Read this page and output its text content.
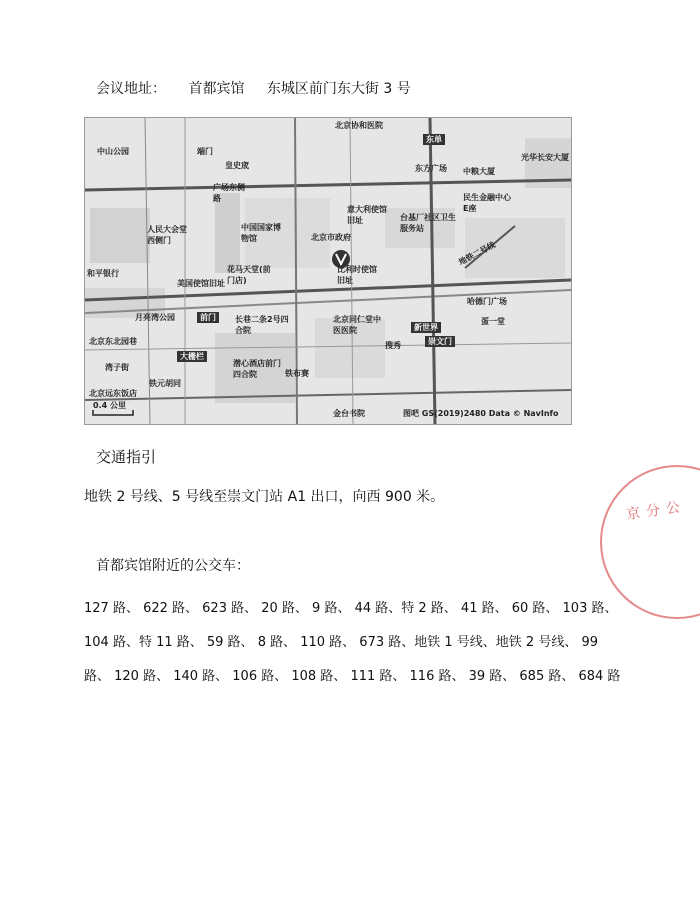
会议地址： 首都宾馆 东城区前门东大街 3 号
中山公园	端门
皇史宬
北京协和医院
东单
东方广场 中粮大厦
光华长安大厦
广场东侧路
中国国家博物馆
人民大会堂西侧门	北京市政府
意大利使馆旧址	台基厂社区卫生服务站
民生金融中心E座
美国使馆旧址
比利时使馆旧址
地铁二号线
和平银行	花马天堂(前门店)
前门	长巷二条2号四合院
北京同仁堂中医医院
哈德门广场
蛋一堂
月亮湾公园
大栅栏
潜心酒店前门四合院
新世界
崇文门
搜秀
北京东北园巷
北京远东饭店
铁元胡同
湾子街
铁布赛
金台书院
0.4 公里
图吧 GS(2019)2480 Data © NavInfo
交通指引
地铁 2 号线、5 号线至崇文门站 A1 出口，向西 900 米。
首都宾馆附近的公交车：
127 路、 622 路、 623 路、 20 路、 9 路、 44 路、特 2 路、 41 路、 60 路、 103 路、
104 路、特 11 路、 59 路、 8 路、 110 路、 673 路、地铁 1 号线、地铁 2 号线、 99
路、 120 路、 140 路、 106 路、 108 路、 111 路、 116 路、 39 路、 685 路、 684 路
京分公
